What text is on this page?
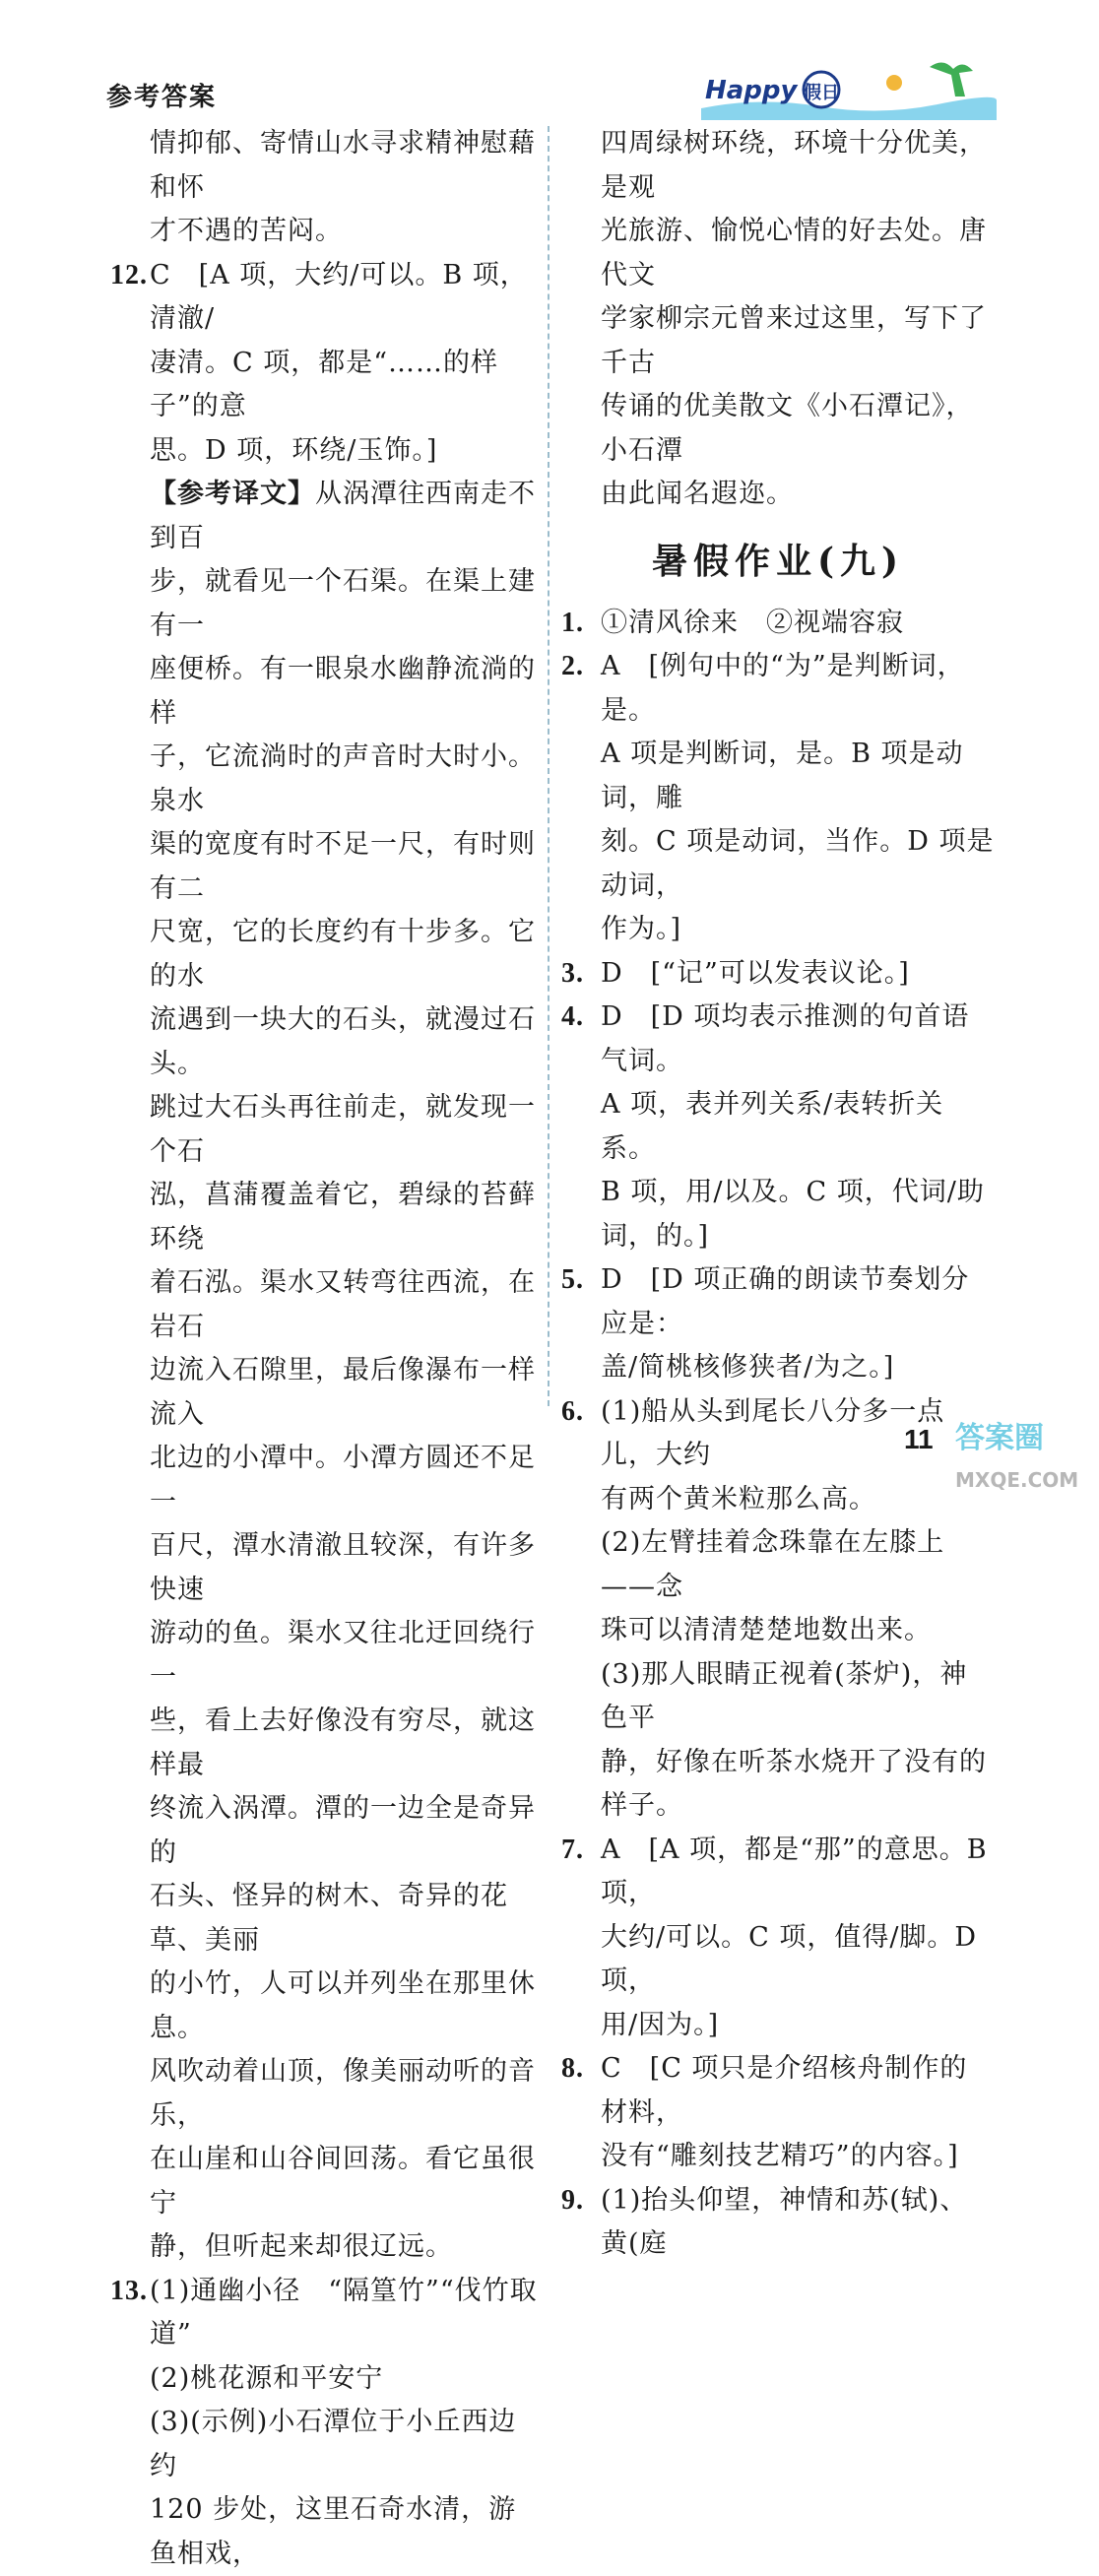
参考答案	Happy 假日

情抑郁、寄情山水寻求精神慰藉和怀

才不遇的苦闷。

12. C　[A 项，大约/可以。B 项，清澈/

凄清。C 项，都是“……的样子”的意

思。D 项，环绕/玉饰。]

【参考译文】从涡潭往西南走不到百

步，就看见一个石渠。在渠上建有一

座便桥。有一眼泉水幽静流淌的样

子，它流淌时的声音时大时小。泉水

渠的宽度有时不足一尺，有时则有二

尺宽，它的长度约有十步多。它的水

流遇到一块大的石头，就漫过石头。

跳过大石头再往前走，就发现一个石

泓，菖蒲覆盖着它，碧绿的苔藓环绕

着石泓。渠水又转弯往西流，在岩石

边流入石隙里，最后像瀑布一样流入

北边的小潭中。小潭方圆还不足一

百尺，潭水清澈且较深，有许多快速

游动的鱼。渠水又往北迂回绕行一

些，看上去好像没有穷尽，就这样最

终流入涡潭。潭的一边全是奇异的

石头、怪异的树木、奇异的花草、美丽

的小竹，人可以并列坐在那里休息。

风吹动着山顶，像美丽动听的音乐，

在山崖和山谷间回荡。看它虽很宁

静，但听起来却很辽远。

13. (1)通幽小径　“隔篁竹”“伐竹取道”

(2)桃花源和平安宁

(3)(示例)小石潭位于小丘西边约

120 步处，这里石奇水清，游鱼相戏，

四周绿树环绕，环境十分优美，是观

光旅游、愉悦心情的好去处。唐代文

学家柳宗元曾来过这里，写下了千古

传诵的优美散文《小石潭记》，小石潭

由此闻名遐迩。

暑假作业(九)
1. ①清风徐来　②视端容寂

2. A　[例句中的“为”是判断词，是。

A 项是判断词，是。B 项是动词，雕

刻。C 项是动词，当作。D 项是动词，

作为。]

3. D　[“记”可以发表议论。]

4. D　[D 项均表示推测的句首语气词。

A 项，表并列关系/表转折关系。

B 项，用/以及。C 项，代词/助词，的。]

5. D　[D 项正确的朗读节奏划分应是：

盖/简桃核修狭者/为之。]

6. (1)船从头到尾长八分多一点儿，大约

有两个黄米粒那么高。

(2)左臂挂着念珠靠在左膝上——念

珠可以清清楚楚地数出来。

(3)那人眼睛正视着(茶炉)，神色平

静，好像在听茶水烧开了没有的样子。

7. A　[A 项，都是“那”的意思。B 项，

大约/可以。C 项，值得/脚。D 项，

用/因为。]

8. C　[C 项只是介绍核舟制作的材料，

没有“雕刻技艺精巧”的内容。]

9. (1)抬头仰望，神情和苏(轼)、黄(庭

11 答案圈
MXQE.COM
